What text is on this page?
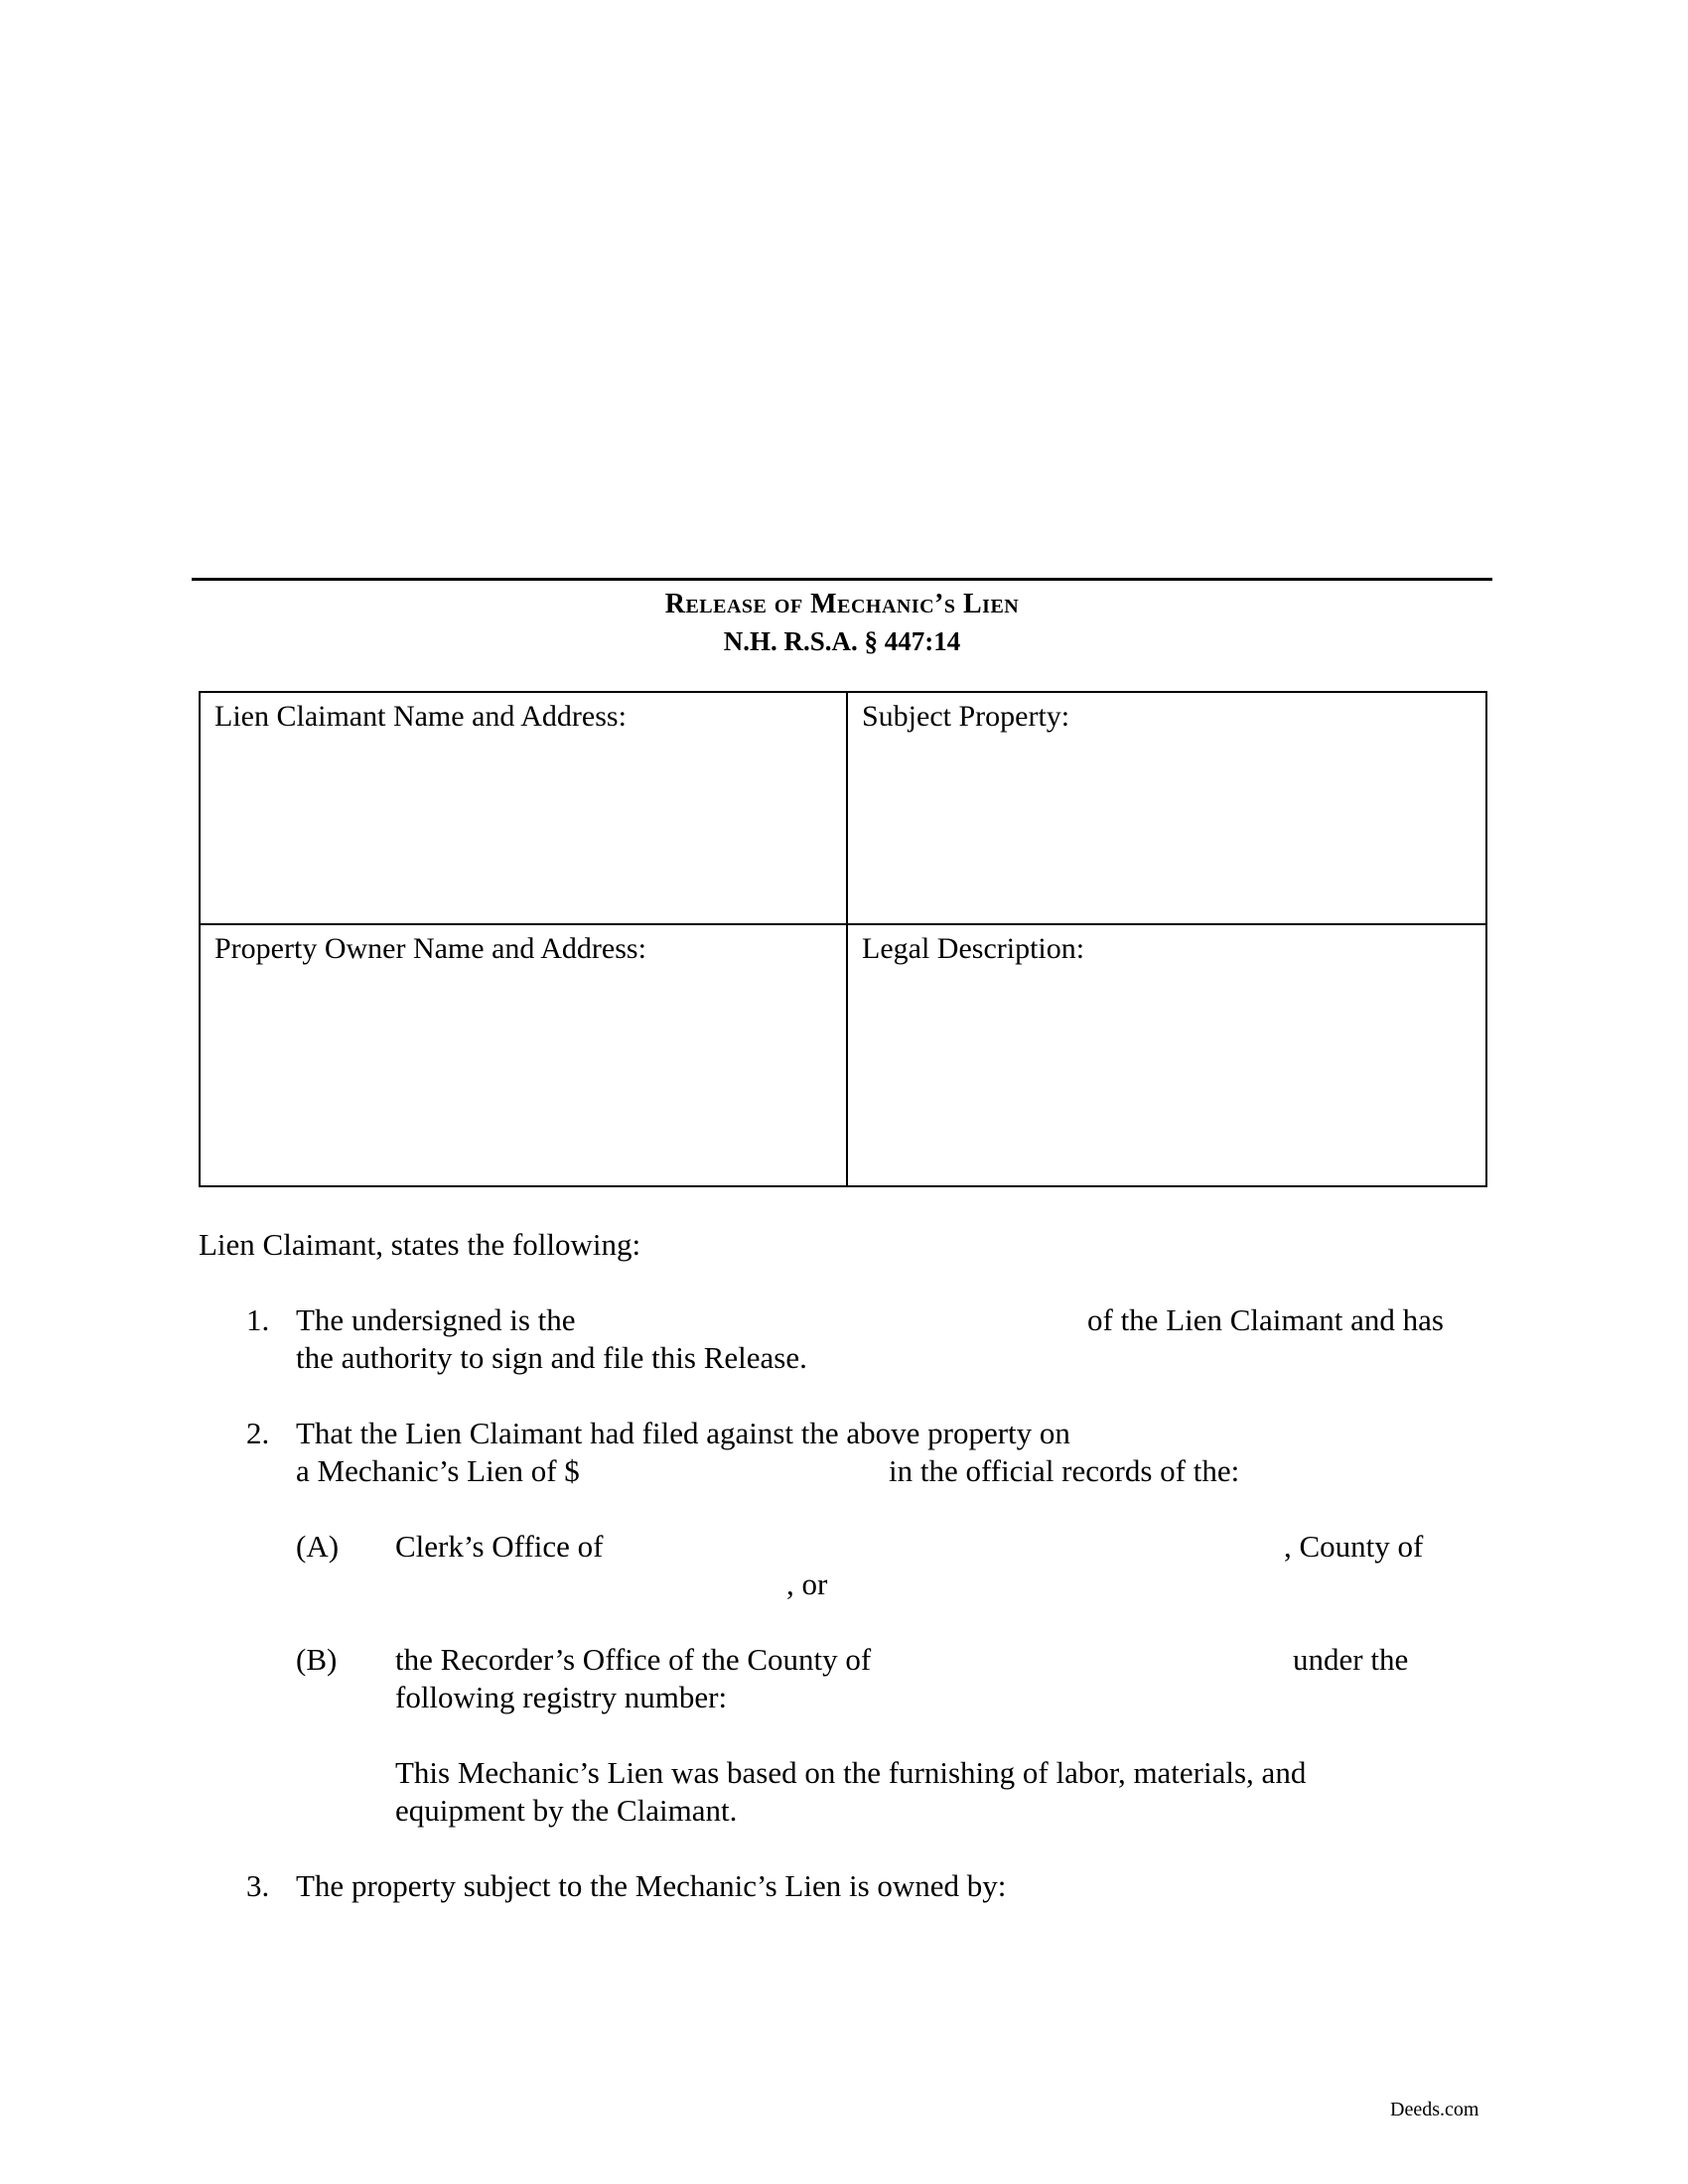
Release of Mechanic’s Lien
N.H. R.S.A. § 447:14
Lien Claimant Name and Address:	Subject Property:
Property Owner Name and Address:	Legal Description:
Lien Claimant, states the following:
1. The undersigned is the	of the Lien Claimant and has
the authority to sign and file this Release.
2. That the Lien Claimant had filed against the above property on
a Mechanic’s Lien of $	in the official records of the:
(A) Clerk’s Office of	, County of
, or
(B) the Recorder’s Office of the County of	under the
following registry number:
This Mechanic’s Lien was based on the furnishing of labor, materials, and
equipment by the Claimant.
3. The property subject to the Mechanic’s Lien is owned by:
Deeds.com
